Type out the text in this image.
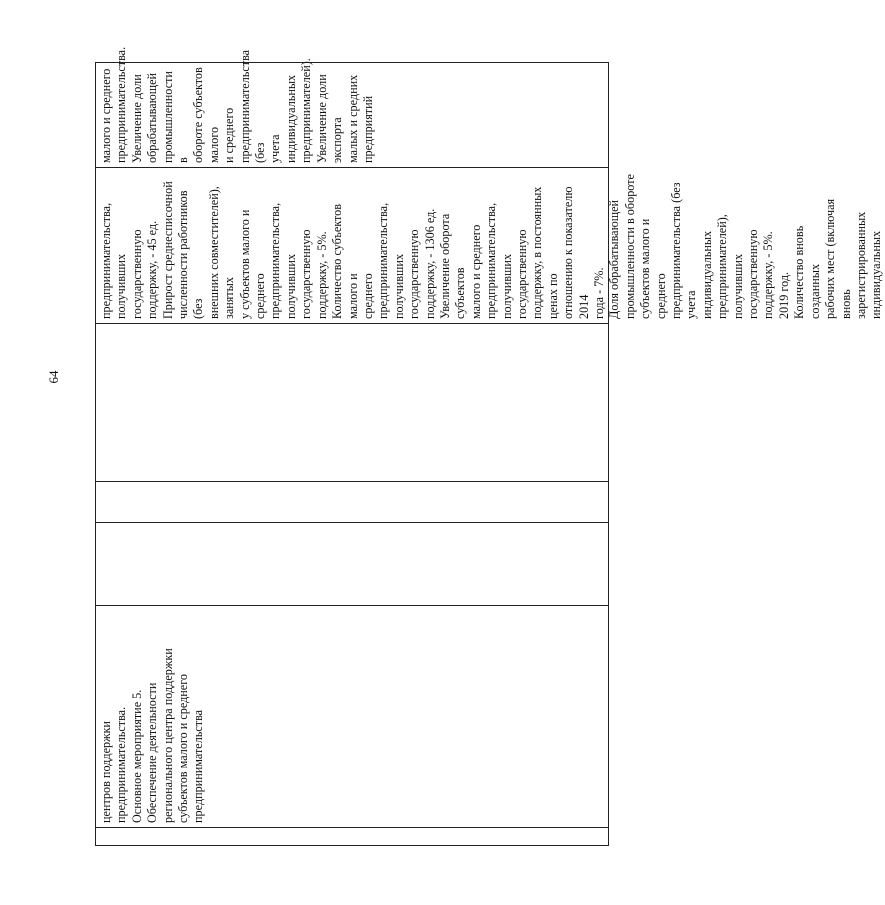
64
центров поддержки
предпринимательства.
Основное мероприятие 5.
Обеспечение деятельности
регионального центра поддержки
субъектов малого и среднего
предпринимательства
предпринимательства,
получивших государственную
поддержку, - 45 ед.
Прирост среднесписочной
численности работников (без
внешних совместителей), занятых
у субъектов малого и среднего
предпринимательства,
получивших государственную
поддержку, - 5%.
Количество субъектов малого и
среднего предпринимательства,
получивших государственную
поддержку, - 1306 ед.
Увеличение оборота субъектов
малого и среднего
предпринимательства,
получивших государственную
поддержку, в постоянных ценах по
отношению к показателю 2014
года - 7%.
Доля обрабатывающей
промышленности в обороте
субъектов малого и среднего
предпринимательства (без учета
индивидуальных
предпринимателей), получивших
государственную поддержку, - 5%.
2019 год.
Количество вновь созданных
рабочих мест (включая вновь
зарегистрированных
индивидуальных
малого и среднего
предпринимательства.
Увеличение доли
обрабатывающей
промышленности в
обороте субъектов малого
и среднего
предпринимательства (без
учета индивидуальных
предпринимателей).
Увеличение доли экспорта
малых и средних
предприятий
